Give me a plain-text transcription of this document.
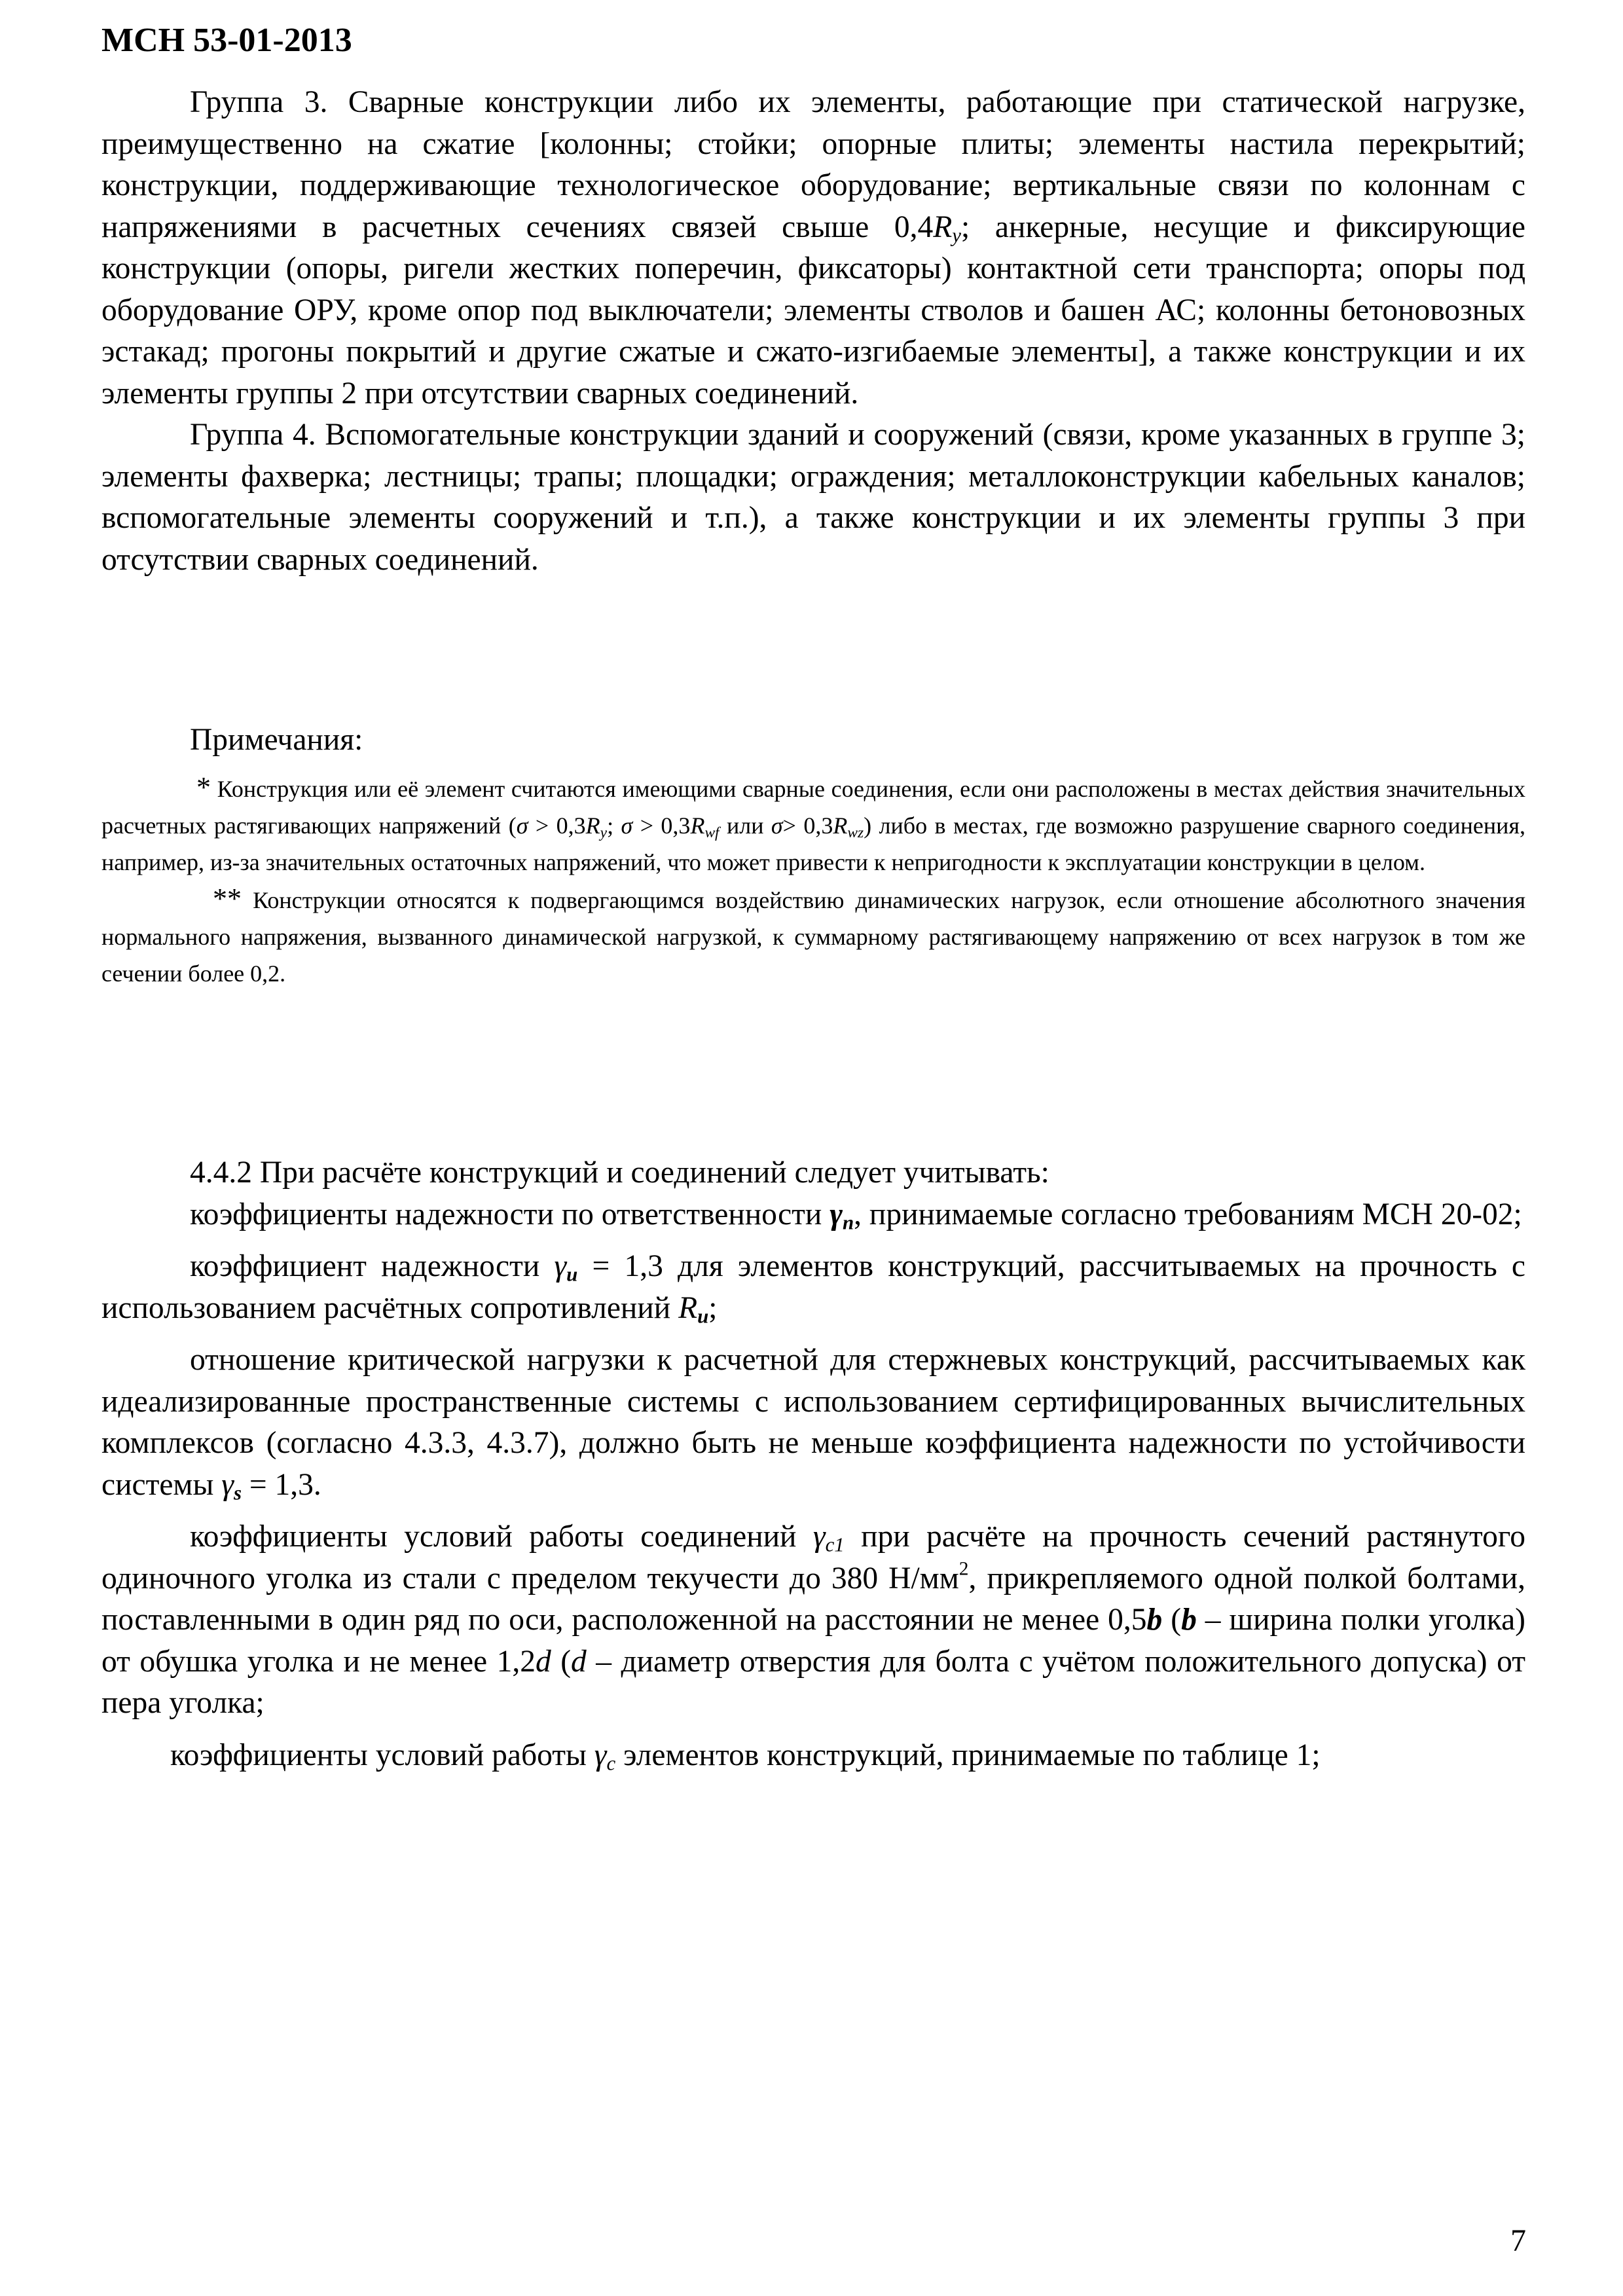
МСН 53-01-2013

Группа 3. Сварные конструкции либо их элементы, работающие при статической нагрузке, преимущественно на сжатие [колонны; стойки; опорные плиты; элементы настила перекрытий; конструкции, поддерживающие технологическое оборудование; вертикальные связи по колоннам с напряжениями в расчетных сечениях связей свыше $0,4R_y$; анкерные, несущие и фиксирующие конструкции (опоры, ригели жестких поперечин, фиксаторы) контактной сети транспорта; опоры под оборудование ОРУ, кроме опор под выключатели; элементы стволов и башен АС; колонны бетоновозных эстакад; прогоны покрытий и другие сжатые и сжато-изгибаемые элементы], а также конструкции и их элементы группы 2 при отсутствии сварных соединений.

Группа 4. Вспомогательные конструкции зданий и сооружений (связи, кроме указанных в группе 3; элементы фахверка; лестницы; трапы; площадки; ограждения; металлоконструкции кабельных каналов; вспомогательные элементы сооружений и т.п.), а также конструкции и их элементы группы 3 при отсутствии сварных соединений.

Примечания:

* Конструкция или её элемент считаются имеющими сварные соединения, если они расположены в местах действия значительных расчетных растягивающих напряжений ($\sigma > 0,3R_y$; $\sigma > 0,3R_{wf}$ или $\sigma> 0,3R_{wz}$) либо в местах, где возможно разрушение сварного соединения, например, из-за значительных остаточных напряжений, что может привести к непригодности к эксплуатации конструкции в целом.

** Конструкции относятся к подвергающимся воздействию динамических нагрузок, если отношение абсолютного значения нормального напряжения, вызванного динамической нагрузкой, к суммарному растягивающему напряжению от всех нагрузок в том же сечении более 0,2.

4.4.2 При расчёте конструкций и соединений следует учитывать:

коэффициенты надежности по ответственности $\gamma_n$, принимаемые согласно требованиям МСН 20-02;

коэффициент надежности $\gamma_u = 1,3$ для элементов конструкций, рассчитываемых на прочность с использованием расчётных сопротивлений $R_u$;

отношение критической нагрузки к расчетной для стержневых конструкций, рассчитываемых как идеализированные пространственные системы с использованием сертифицированных вычислительных комплексов (согласно 4.3.3, 4.3.7), должно быть не меньше коэффициента надежности по устойчивости системы $\gamma_s = 1,3$.

коэффициенты условий работы соединений $\gamma_{c1}$ при расчёте на прочность сечений растянутого одиночного уголка из стали с пределом текучести до 380 $Н/мм^2$, прикрепляемого одной полкой болтами, поставленными в один ряд по оси, расположенной на расстоянии не менее 0,5b (b – ширина полки уголка) от обушка уголка и не менее 1,2d (d – диаметр отверстия для болта с учётом положительного допуска) от пера уголка;

коэффициенты условий работы $\gamma_c$ элементов конструкций, принимаемые по таблице 1;

7
